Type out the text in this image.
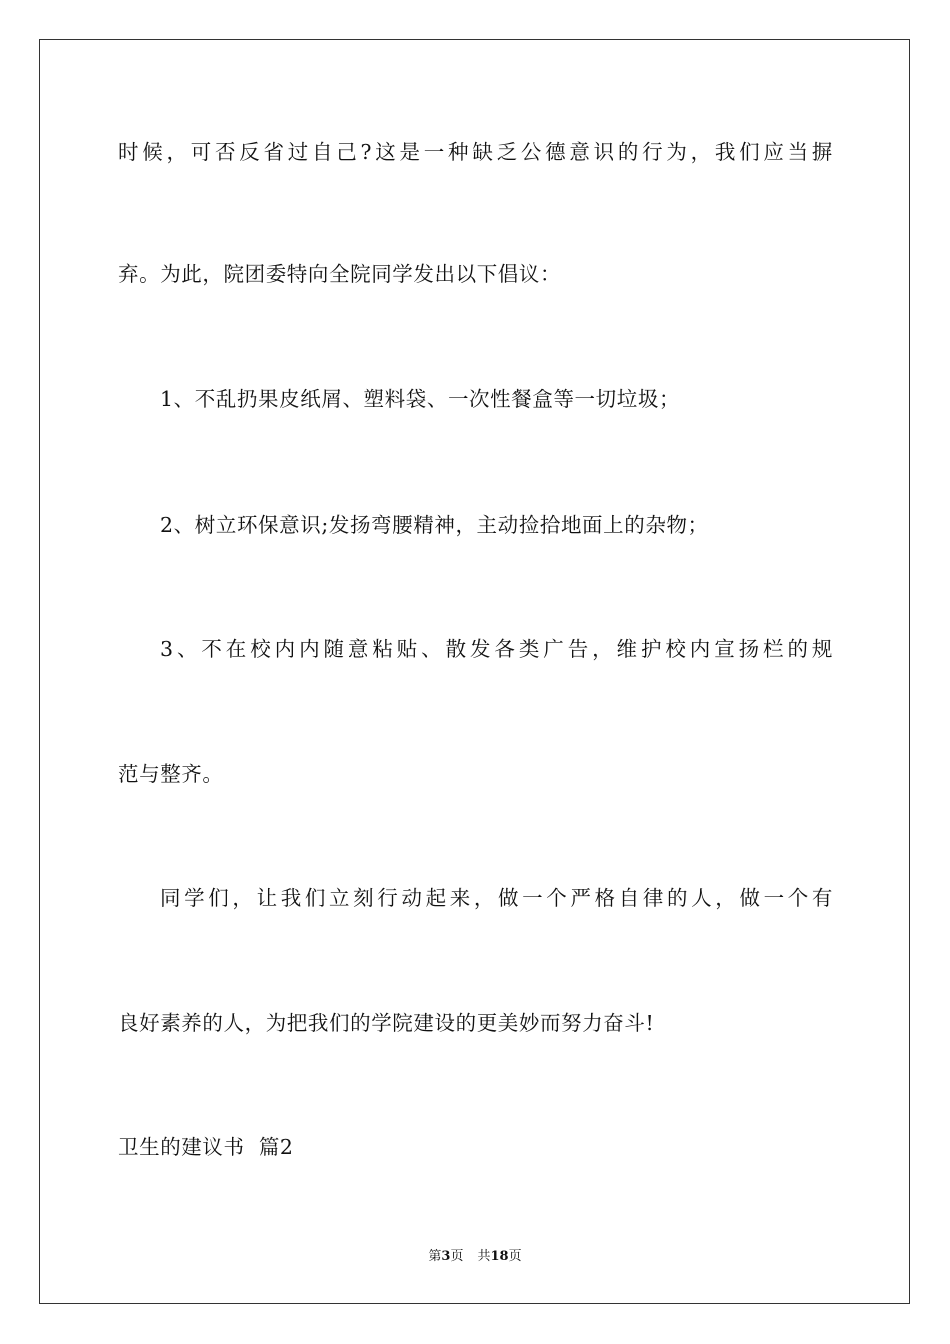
时候，可否反省过自己?这是一种缺乏公德意识的行为，我们应当摒
弃。为此，院团委特向全院同学发出以下倡议：
1、不乱扔果皮纸屑、塑料袋、一次性餐盒等一切垃圾；
2、树立环保意识;发扬弯腰精神，主动捡拾地面上的杂物；
3、不在校内内随意粘贴、散发各类广告，维护校内宣扬栏的规
范与整齐。
同学们，让我们立刻行动起来，做一个严格自律的人，做一个有
良好素养的人，为把我们的学院建设的更美妙而努力奋斗!
卫生的建议书  篇2
第3页 共18页
